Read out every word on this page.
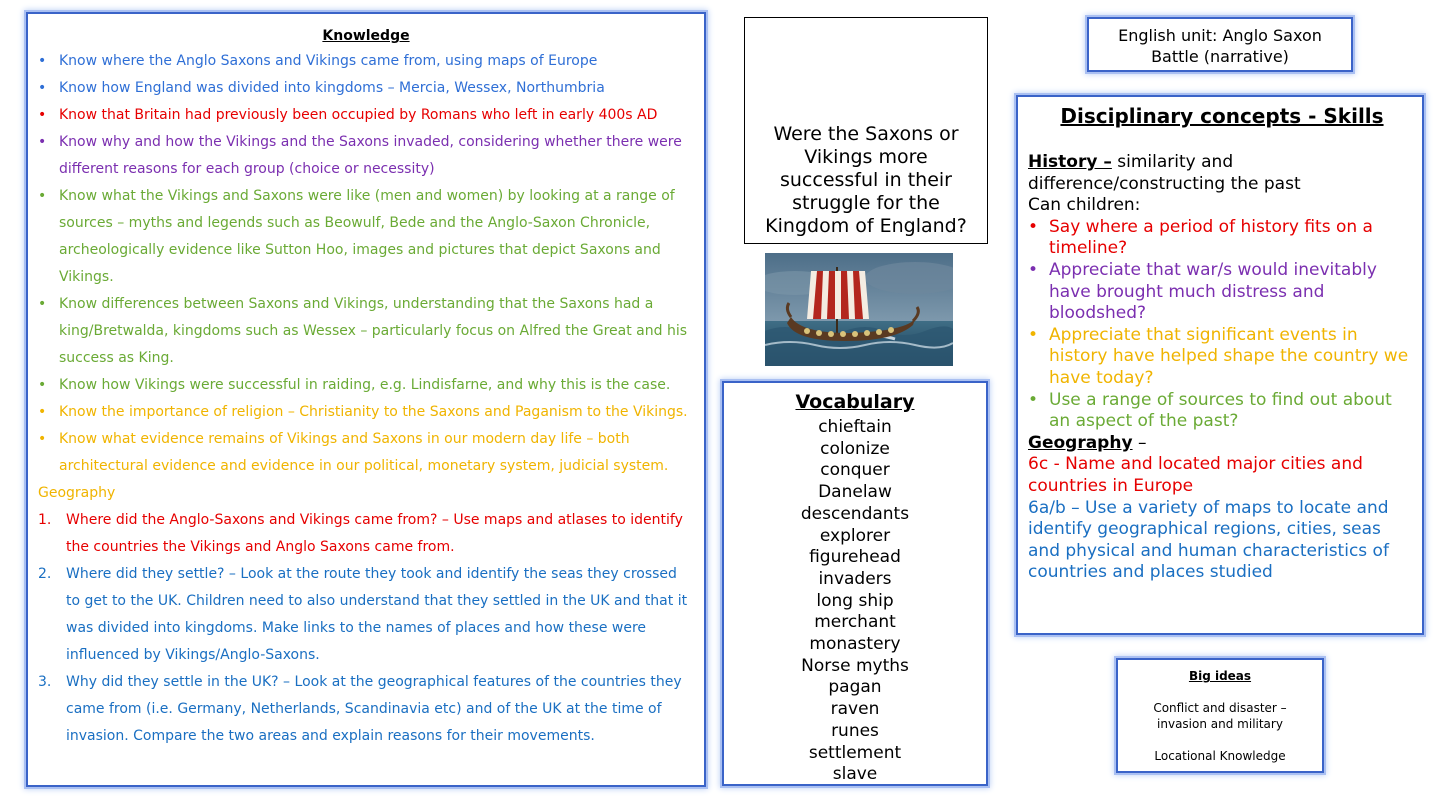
Knowledge
• Know where the Anglo Saxons and Vikings came from, using maps of Europe
• Know how England was divided into kingdoms – Mercia, Wessex, Northumbria
• Know that Britain had previously been occupied by Romans who left in early 400s AD
• Know why and how the Vikings and the Saxons invaded, considering whether there were different reasons for each group (choice or necessity)
• Know what the Vikings and Saxons were like (men and women) by looking at a range of sources – myths and legends such as Beowulf, Bede and the Anglo-Saxon Chronicle, archeologically evidence like Sutton Hoo, images and pictures that depict Saxons and Vikings.
• Know differences between Saxons and Vikings, understanding that the Saxons had a king/Bretwalda, kingdoms such as Wessex – particularly focus on Alfred the Great and his success as King.
• Know how Vikings were successful in raiding, e.g. Lindisfarne, and why this is the case.
• Know the importance of religion – Christianity to the Saxons and Paganism to the Vikings.
• Know what evidence remains of Vikings and Saxons in our modern day life – both architectural evidence and evidence in our political, monetary system, judicial system.
Geography
1.	Where did the Anglo-Saxons and Vikings came from? – Use maps and atlases to identify the countries the Vikings and Anglo Saxons came from.
2.	Where did they settle? – Look at the route they took and identify the seas they crossed to get to the UK. Children need to also understand that they settled in the UK and that it was divided into kingdoms. Make links to the names of places and how these were influenced by Vikings/Anglo-Saxons.
3.	Why did they settle in the UK? – Look at the geographical features of the countries they came from (i.e. Germany, Netherlands, Scandinavia etc) and of the UK at the time of invasion. Compare the two areas and explain reasons for their movements.
Were the Saxons or Vikings more successful in their struggle for the Kingdom of England?
Vocabulary
chieftain
colonize
conquer
Danelaw
descendants
explorer
figurehead
invaders
long ship
merchant
monastery
Norse myths
pagan
raven
runes
settlement
slave
English unit: Anglo Saxon
Battle (narrative)
Disciplinary concepts - Skills

History – similarity and difference/constructing the past

Can children:

• Say where a period of history fits on a timeline?
• Appreciate that war/s would inevitably have brought much distress and bloodshed?
• Appreciate that significant events in history have helped shape the country we have today?
• Use a range of sources to find out about an aspect of the past?

Geography –

6c - Name and located major cities and countries in Europe

6a/b – Use a variety of maps to locate and identify geographical regions, cities, seas and physical and human characteristics of countries and places studied

Big ideas

Conflict and disaster –

invasion and military

Locational Knowledge
